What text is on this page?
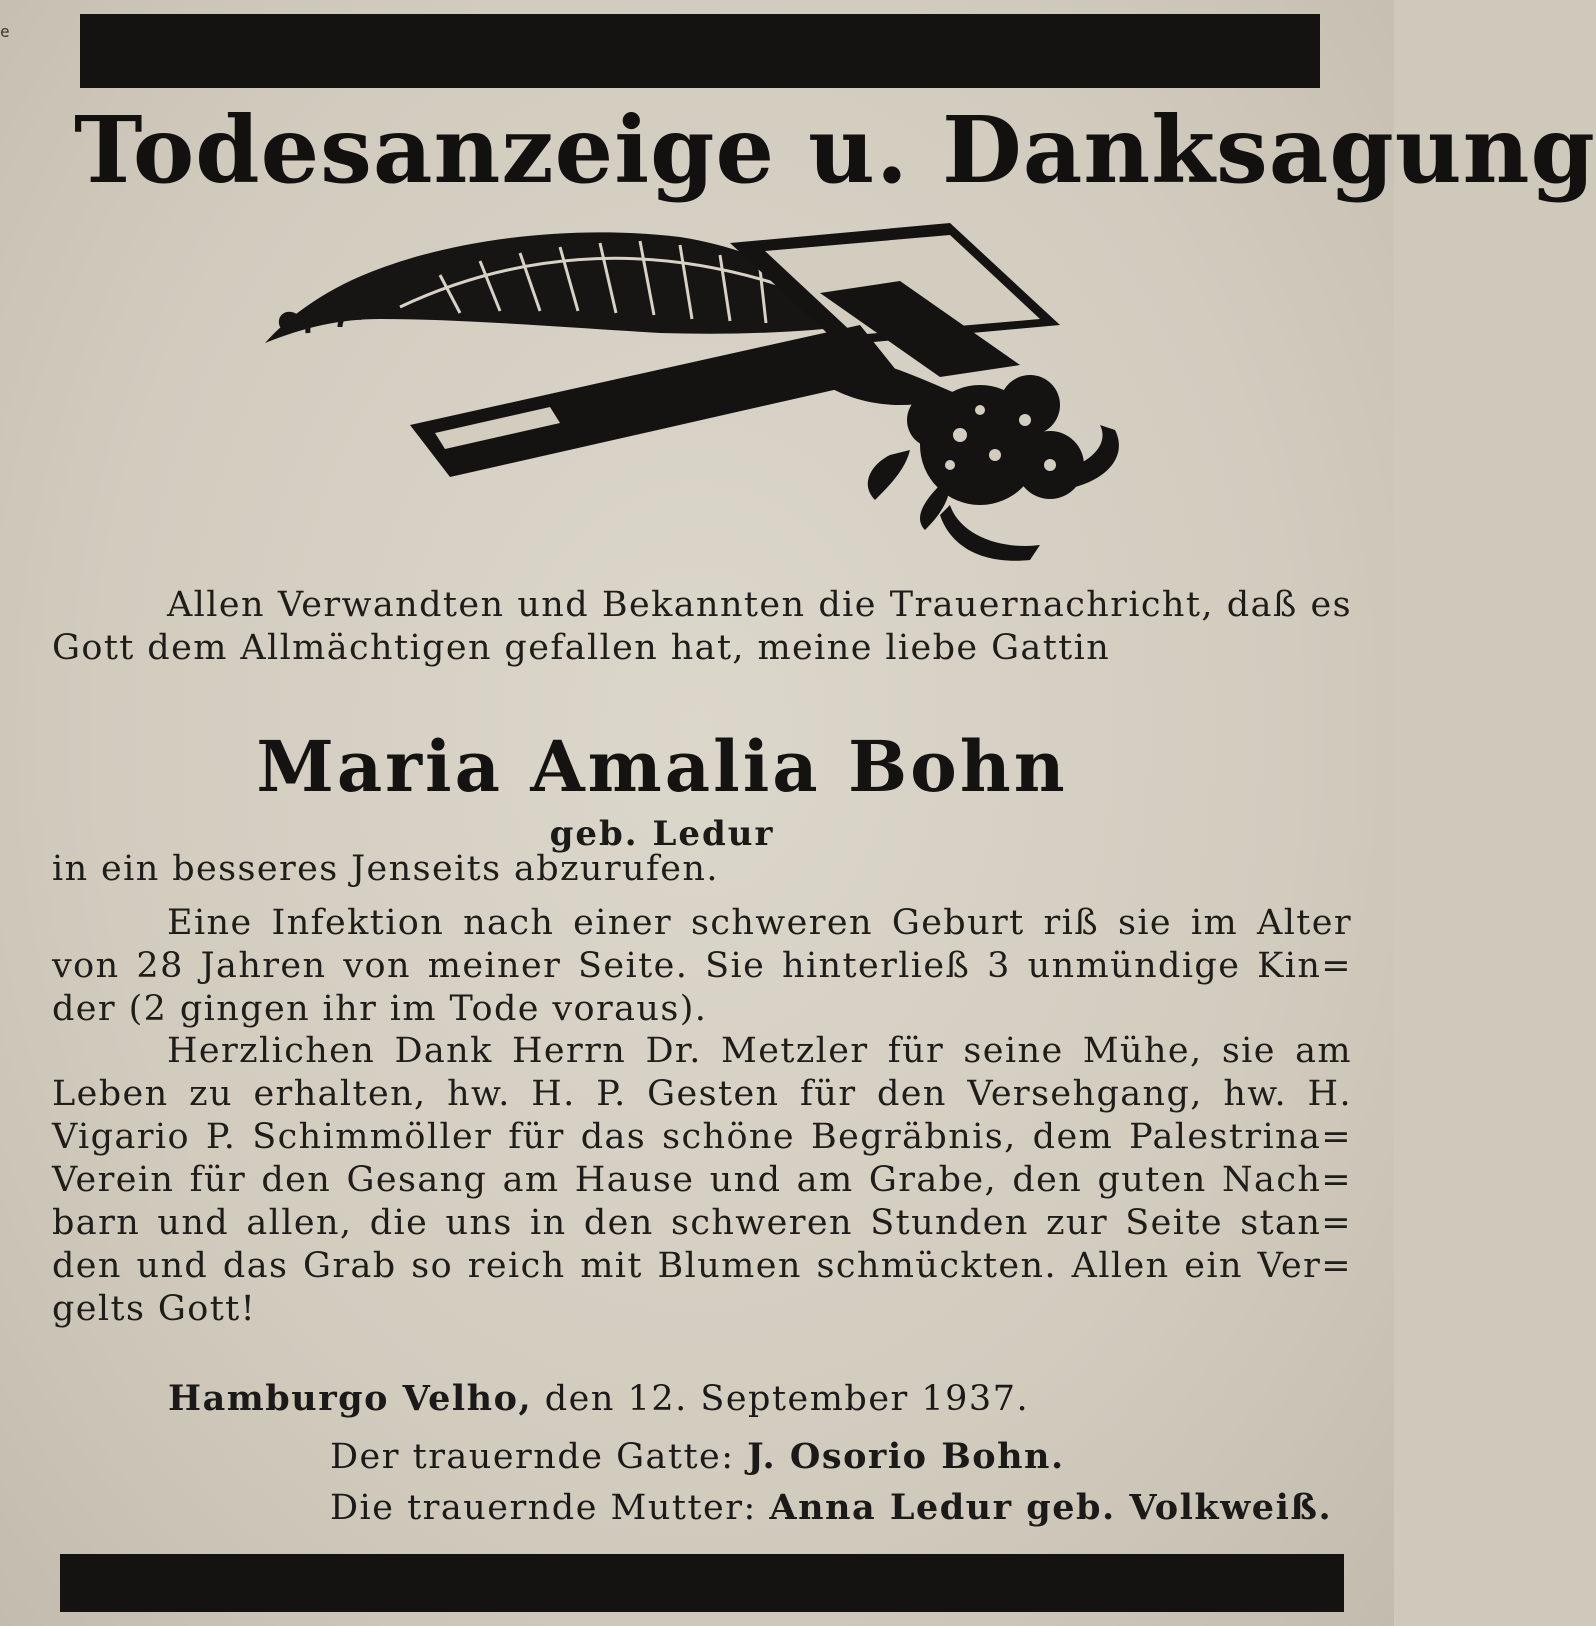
e
Todesanzeige u. Danksagung
Allen Verwandten und Bekannten die Trauernachricht, daß es
Gott dem Allmächtigen gefallen hat, meine liebe Gattin
Maria Amalia Bohn
geb. Ledur
in ein besseres Jenseits abzurufen.
Eine Infektion nach einer schweren Geburt riß sie im Alter
von 28 Jahren von meiner Seite. Sie hinterließ 3 unmündige Kin=
der (2 gingen ihr im Tode voraus).
Herzlichen Dank Herrn Dr. Metzler für seine Mühe, sie am
Leben zu erhalten, hw. H. P. Gesten für den Versehgang, hw. H.
Vigario P. Schimmöller für das schöne Begräbnis, dem Palestrina=
Verein für den Gesang am Hause und am Grabe, den guten Nach=
barn und allen, die uns in den schweren Stunden zur Seite stan=
den und das Grab so reich mit Blumen schmückten. Allen ein Ver=
gelts Gott!
Hamburgo Velho, den 12. September 1937.
Der trauernde Gatte: J. Osorio Bohn.
Die trauernde Mutter: Anna Ledur geb. Volkweiß.
